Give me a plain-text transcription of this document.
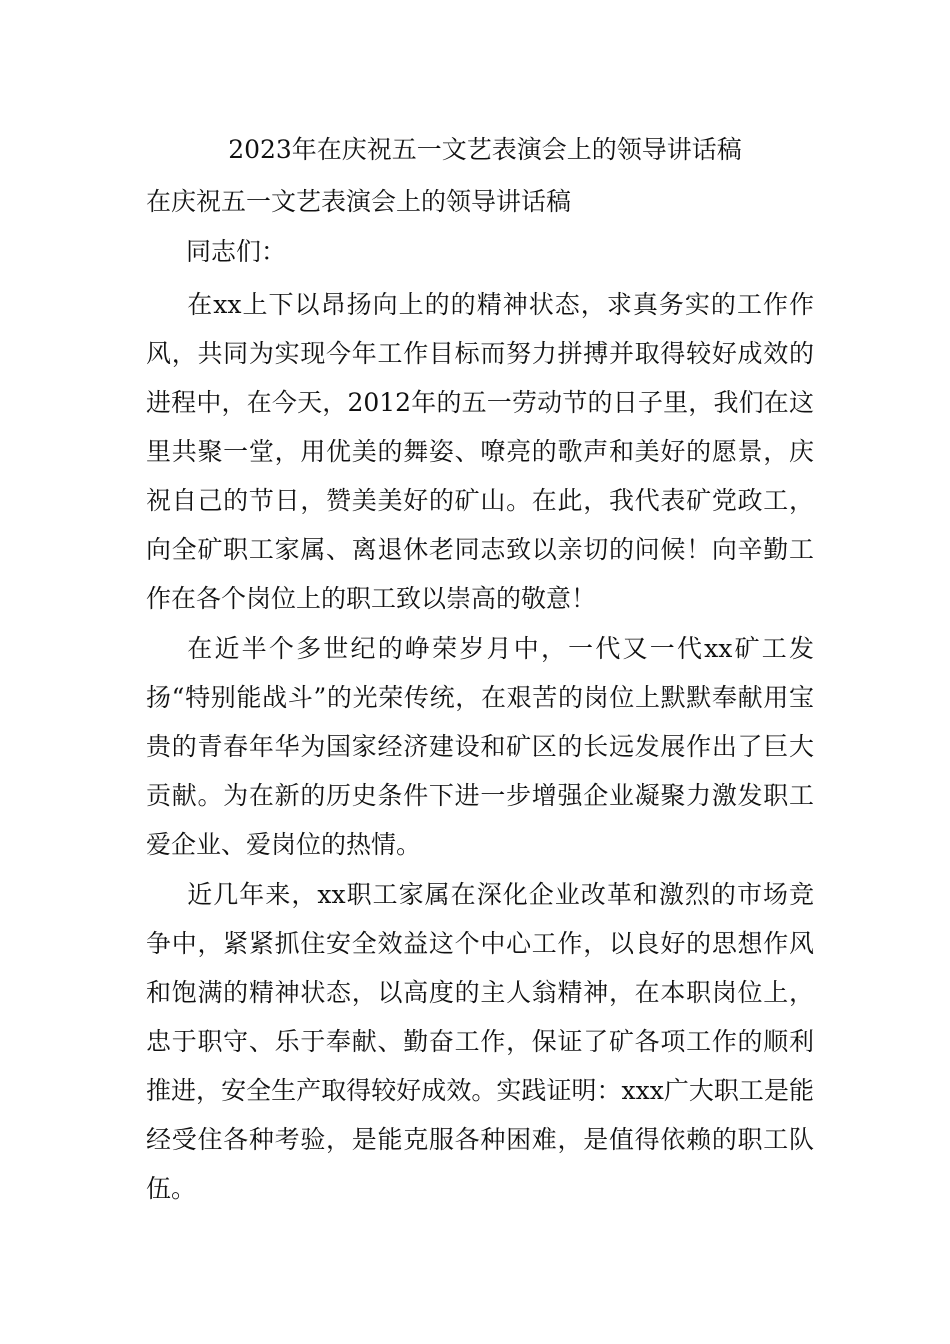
2023年在庆祝五一文艺表演会上的领导讲话稿
在庆祝五一文艺表演会上的领导讲话稿
同志们：

在xx上下以昂扬向上的的精神状态，求真务实的工作作风，共同为实现今年工作目标而努力拼搏并取得较好成效的进程中，在今天，2012年的五一劳动节的日子里，我们在这里共聚一堂，用优美的舞姿、嘹亮的歌声和美好的愿景，庆祝自己的节日，赞美美好的矿山。在此，我代表矿党政工，向全矿职工家属、离退休老同志致以亲切的问候！向辛勤工作在各个岗位上的职工致以崇高的敬意！

在近半个多世纪的峥荣岁月中，一代又一代xx矿工发扬“特别能战斗”的光荣传统，在艰苦的岗位上默默奉献用宝贵的青春年华为国家经济建设和矿区的长远发展作出了巨大贡献。为在新的历史条件下进一步增强企业凝聚力激发职工爱企业、爱岗位的热情。

近几年来，xx职工家属在深化企业改革和激烈的市场竞争中，紧紧抓住安全效益这个中心工作，以良好的思想作风和饱满的精神状态，以高度的主人翁精神，在本职岗位上，忠于职守、乐于奉献、勤奋工作，保证了矿各项工作的顺利推进，安全生产取得较好成效。实践证明：xxx广大职工是能经受住各种考验，是能克服各种困难，是值得依赖的职工队伍。
